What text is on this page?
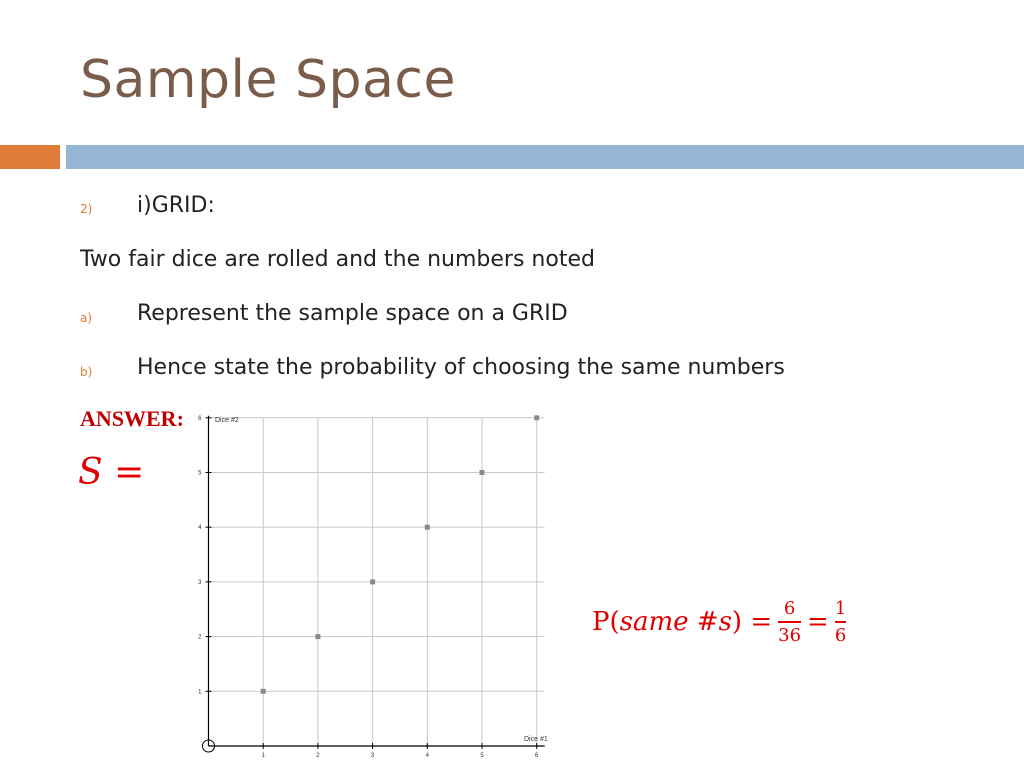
Sample Space
2) i)GRID:
Two fair dice are rolled and the numbers noted
a) Represent the sample space on a GRID
b) Hence state the probability of choosing the same numbers
ANSWER:
S =
1	2	3	4	5	6
1
2
3
4
5
6 Dice #2
Dice #1
P( same #s ) = $\frac{6}{36} = \frac{1}{6}$
